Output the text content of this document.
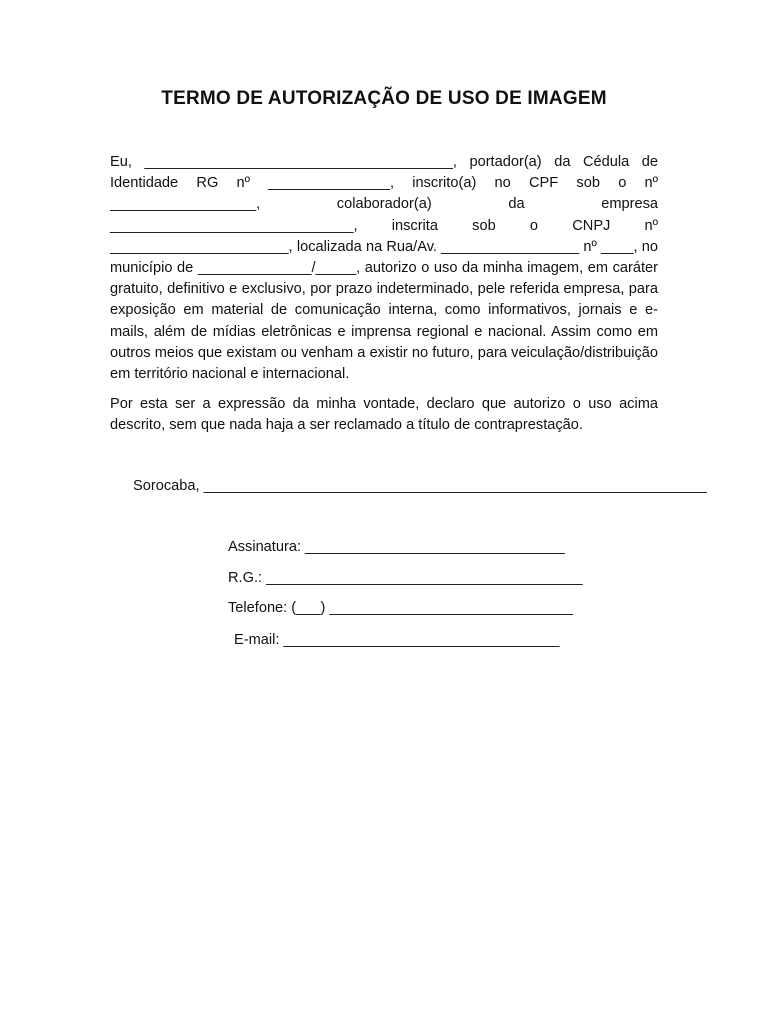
TERMO DE AUTORIZAÇÃO DE USO DE IMAGEM

Eu, ______________________________________, portador(a) da Cédula de Identidade RG nº _______________, inscrito(a) no CPF sob o nº __________________, colaborador(a) da empresa ______________________________, inscrita sob o CNPJ nº ______________________, localizada na Rua/Av. _________________ nº ____, no município de ______________/_____, autorizo o uso da minha imagem, em caráter gratuito, definitivo e exclusivo, por prazo indeterminado, pele referida empresa, para exposição em material de comunicação interna, como informativos, jornais e e-mails, além de mídias eletrônicas e imprensa regional e nacional. Assim como em outros meios que existam ou venham a existir no futuro, para veiculação/distribuição em território nacional e internacional.

Por esta ser a expressão da minha vontade, declaro que autorizo o uso acima descrito, sem que nada haja a ser reclamado a título de contraprestação.

Sorocaba, ______________________________________________________________
Assinatura: ________________________________
R.G.: _______________________________________
Telefone: (___) ______________________________
E-mail: __________________________________
